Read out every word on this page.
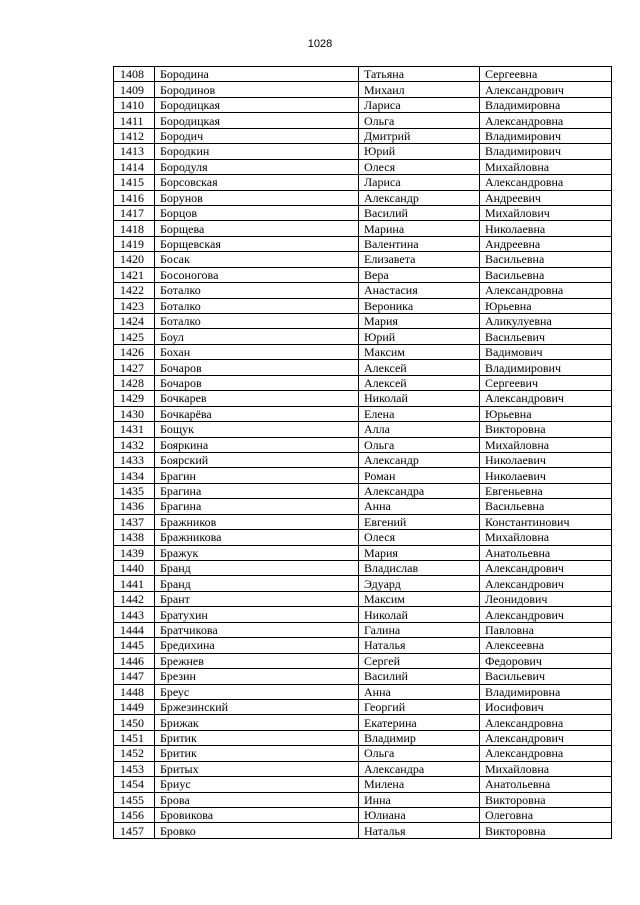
1028
1408	Бородина	Татьяна	Сергеевна
1409	Бородинов	Михаил	Александрович
1410	Бородицкая	Лариса	Владимировна
1411	Бородицкая	Ольга	Александровна
1412	Бородич	Дмитрий	Владимирович
1413	Бородкин	Юрий	Владимирович
1414	Бородуля	Олеся	Михайловна
1415	Борсовская	Лариса	Александровна
1416	Борунов	Александр	Андреевич
1417	Борцов	Василий	Михайлович
1418	Борщева	Марина	Николаевна
1419	Борщевская	Валентина	Андреевна
1420	Босак	Елизавета	Васильевна
1421	Босоногова	Вера	Васильевна
1422	Боталко	Анастасия	Александровна
1423	Боталко	Вероника	Юрьевна
1424	Боталко	Мария	Аликулуевна
1425	Боул	Юрий	Васильевич
1426	Бохан	Максим	Вадимович
1427	Бочаров	Алексей	Владимирович
1428	Бочаров	Алексей	Сергеевич
1429	Бочкарев	Николай	Александрович
1430	Бочкарёва	Елена	Юрьевна
1431	Бощук	Алла	Викторовна
1432	Бояркина	Ольга	Михайловна
1433	Боярский	Александр	Николаевич
1434	Брагин	Роман	Николаевич
1435	Брагина	Александра	Евгеньевна
1436	Брагина	Анна	Васильевна
1437	Бражников	Евгений	Константинович
1438	Бражникова	Олеся	Михайловна
1439	Бражук	Мария	Анатольевна
1440	Бранд	Владислав	Александрович
1441	Бранд	Эдуард	Александрович
1442	Брант	Максим	Леонидович
1443	Братухин	Николай	Александрович
1444	Братчикова	Галина	Павловна
1445	Бредихина	Наталья	Алексеевна
1446	Брежнев	Сергей	Федорович
1447	Брезин	Василий	Васильевич
1448	Бреус	Анна	Владимировна
1449	Бржезинский	Георгий	Иосифович
1450	Брижак	Екатерина	Александровна
1451	Бритик	Владимир	Александрович
1452	Бритик	Ольга	Александровна
1453	Бритых	Александра	Михайловна
1454	Бриус	Милена	Анатольевна
1455	Брова	Инна	Викторовна
1456	Бровикова	Юлиана	Олеговна
1457	Бровко	Наталья	Викторовна
